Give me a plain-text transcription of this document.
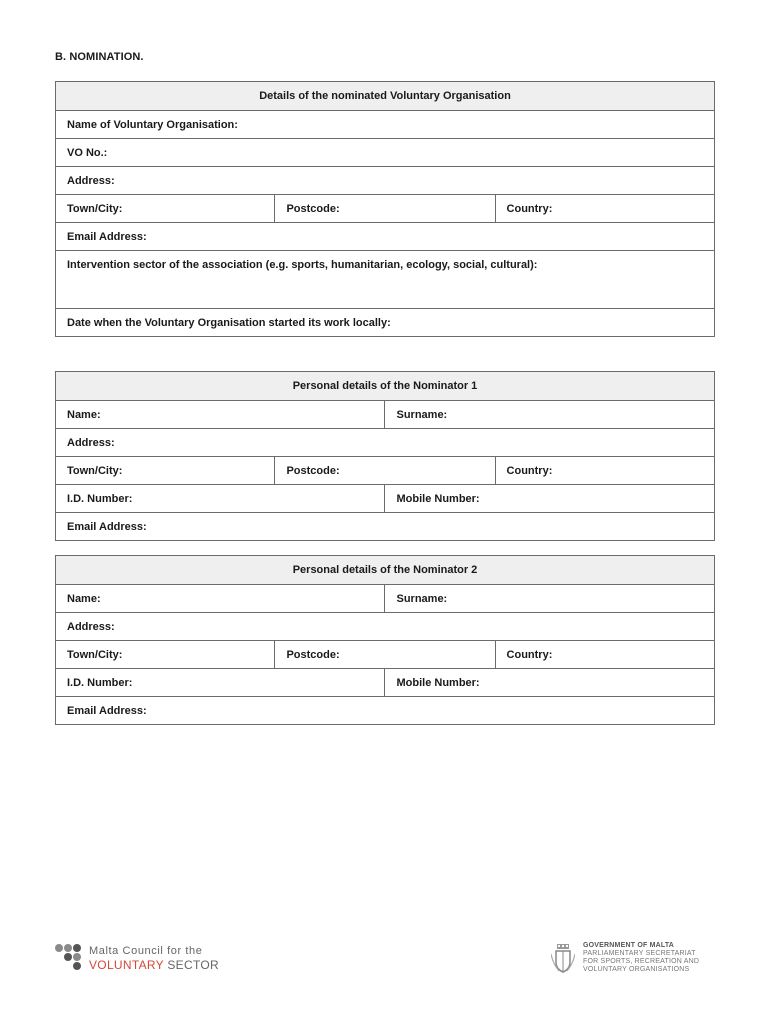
B. NOMINATION.
Details of the nominated Voluntary Organisation
Name of Voluntary Organisation:
VO No.:
Address:
Town/City:	Postcode:	Country:
Email Address:
Intervention sector of the association (e.g. sports, humanitarian, ecology, social, cultural):
Date when the Voluntary Organisation started its work locally:
Personal details of the Nominator 1			
Name:		Surname:	
Address:			
Town/City:	Postcode:		Country:
I.D. Number:		Mobile Number:	
Email Address:			
Personal details of the Nominator 2			
Name:		Surname:	
Address:			
Town/City:	Postcode:		Country:
I.D. Number:		Mobile Number:	
Email Address:			
Malta Council for the
VOLUNTARY SECTOR
GOVERNMENT OF MALTA
PARLIAMENTARY SECRETARIAT
FOR SPORTS, RECREATION AND
VOLUNTARY ORGANISATIONS
